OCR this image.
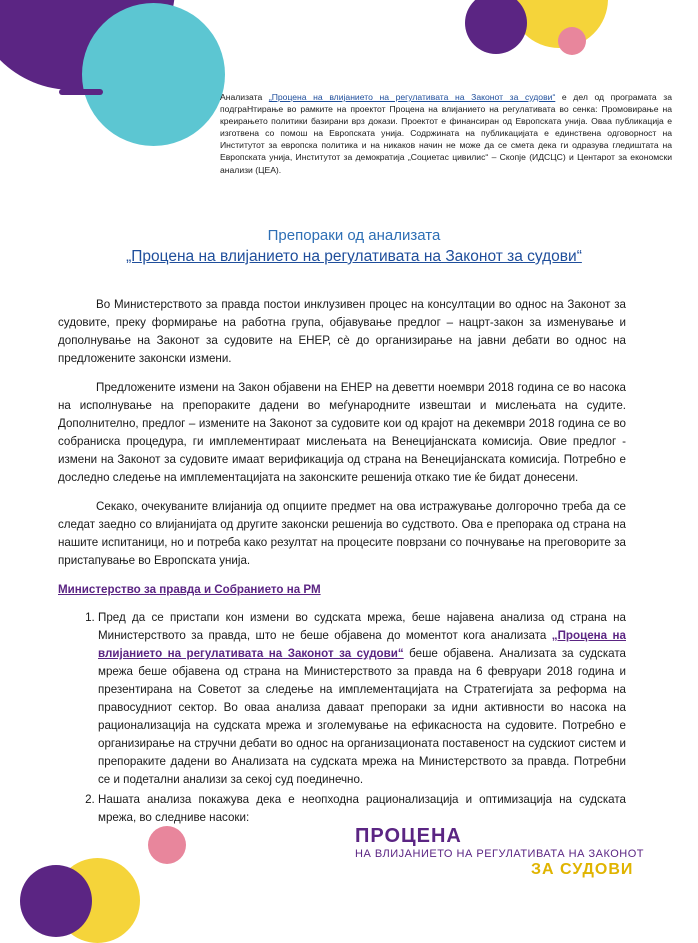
Анализата „Процена на влијанието на регулативата на Законот за судови“ е дел од програмата за подграНтирање во рамките на проектот Процена на влијанието на регулативата во сенка: Промовирање на креирањето политики базирани врз докази. Проектот е финансиран од Европската унија. Оваа публикација е изготвена со помош на Европската унија. Содржината на публикацијата е единствена одговорност на Институтот за европска политика и на никаков начин не може да се смета дека ги одразува гледиштата на Европската унија, Институтот за демократија „Социетас цивилис“ – Скопје (ИДСЦС) и Центарот за економски анализи (ЦЕА).
Препораки од анализата
„Процена на влијанието на регулативата на Законот за судови“

Во Министерството за правда постои инклузивен процес на консултации во однос на Законот за судовите, преку формирање на работна група, објавување предлог – нацрт-закон за изменување и дополнување на Законот за судовите на ЕНЕР, сè до организирање на јавни дебати во однос на предложените законски измени.

Предложените измени на Закон објавени на ЕНЕР на деветти ноември 2018 година се во насока на исполнување на препораките дадени во меѓународните извештаи и мислењата на судите. Дополнително, предлог – измените на Законот за судовите кои од крајот на декември 2018 година се во собраниска процедура, ги имплементираат мислењата на Венецијанската комисија. Овие предлог - измени на Законот за судовите имаат верификација од страна на Венецијанската комисија. Потребно е доследно следење на имплементацијата на законските решенија откако тие ќе бидат донесени.

Секако, очекуваните влијанија од опциите предмет на ова истражување долгорочно треба да се следат заедно со влијанијата од другите законски решенија во судството. Ова е препорака од страна на нашите испитаници, но и потреба како резултат на процесите поврзани со почнување на преговорите за пристапување во Европската унија.

Министерство за правда и Собранието на РМ
1. Пред да се пристапи кон измени во судската мрежа, беше најавена анализа од страна на Министерството за правда, што не беше објавена до моментот кога анализата „Процена на влијанието на регулативата на Законот за судови“ беше објавена. Анализата за судската мрежа беше објавена од страна на Министерството за правда на 6 февруари 2018 година и презентирана на Советот за следење на имплементацијата на Стратегијата за реформа на правосудниот сектор. Во оваа анализа даваат препораки за идни активности во насока на рационализација на судската мрежа и зголемување на ефикасноста на судовите. Потребно е организирање на стручни дебати во однос на организационата поставеност на судскиот систем и препораките дадени во Анализата на судската мрежа на Министерството за правда. Потребни се и подетални анализи за секој суд поединечно.
2. Нашата анализа покажува дека е неопходна рационализација и оптимизација на судската мрежа, во следниве насоки:
ПРОЦЕНА
НА ВЛИЈАНИЕТО НА РЕГУЛАТИВАТА НА ЗАКОНОТ
ЗА СУДОВИ
